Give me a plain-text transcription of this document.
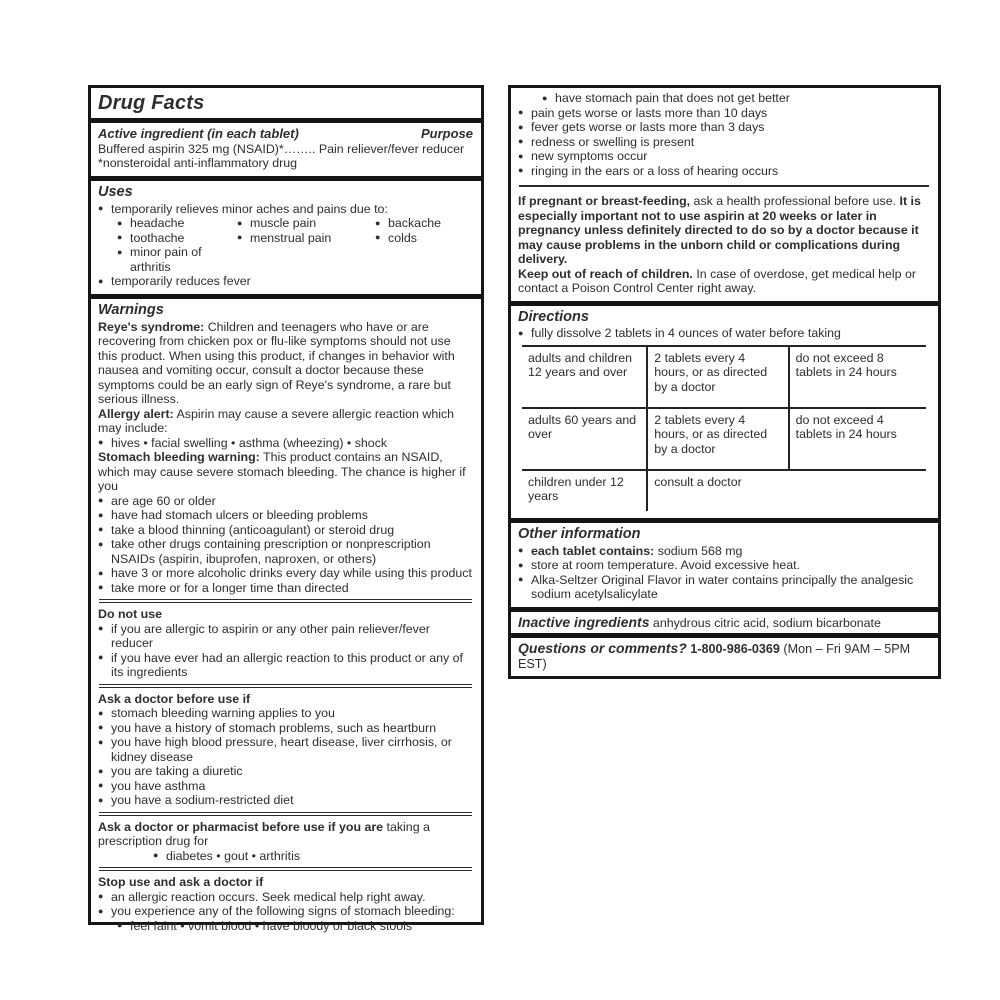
Drug Facts
Active ingredient (in each tablet)	Purpose

Buffered aspirin 325 mg (NSAID)*…….. Pain reliever/fever reducer

*nonsteroidal anti-inflammatory drug

Uses
● temporarily relieves minor aches and pains due to:
● headache	● muscle pain	● backache
● toothache	● menstrual pain	● colds
● minor pain of arthritis
● temporarily reduces fever
Warnings

Reye's syndrome: Children and teenagers who have or are recovering from chicken pox or flu-like symptoms should not use this product. When using this product, if changes in behavior with nausea and vomiting occur, consult a doctor because these symptoms could be an early sign of Reye's syndrome, a rare but serious illness.

Allergy alert: Aspirin may cause a severe allergic reaction which may include:

● hives • facial swelling • asthma (wheezing) • shock

Stomach bleeding warning: This product contains an NSAID, which may cause severe stomach bleeding. The chance is higher if you

● are age 60 or older
● have had stomach ulcers or bleeding problems
● take a blood thinning (anticoagulant) or steroid drug
● take other drugs containing prescription or nonprescription NSAIDs (aspirin, ibuprofen, naproxen, or others)
● have 3 or more alcoholic drinks every day while using this product
● take more or for a longer time than directed
Do not use
● if you are allergic to aspirin or any other pain reliever/fever reducer
● if you have ever had an allergic reaction to this product or any of its ingredients
Ask a doctor before use if
● stomach bleeding warning applies to you
● you have a history of stomach problems, such as heartburn
● you have high blood pressure, heart disease, liver cirrhosis, or kidney disease
● you are taking a diuretic
● you have asthma
● you have a sodium-restricted diet

Ask a doctor or pharmacist before use if you are taking a prescription drug for

● diabetes • gout • arthritis
Stop use and ask a doctor if
● an allergic reaction occurs. Seek medical help right away.
● you experience any of the following signs of stomach bleeding:
● feel faint • vomit blood • have bloody or black stools
● have stomach pain that does not get better
● pain gets worse or lasts more than 10 days
● fever gets worse or lasts more than 3 days
● redness or swelling is present
● new symptoms occur
● ringing in the ears or a loss of hearing occurs

If pregnant or breast-feeding, ask a health professional before use. It is especially important not to use aspirin at 20 weeks or later in pregnancy unless definitely directed to do so by a doctor because it may cause problems in the unborn child or complications during delivery.

Keep out of reach of children. In case of overdose, get medical help or contact a Poison Control Center right away.

Directions
● fully dissolve 2 tablets in 4 ounces of water before taking
adults and children 12 years and over	2 tablets every 4 hours, or as directed by a doctor	do not exceed 8 tablets in 24 hours
adults 60 years and over	2 tablets every 4 hours, or as directed by a doctor	do not exceed 4 tablets in 24 hours
children under 12 years	consult a doctor	
Other information
● each tablet contains: sodium 568 mg
● store at room temperature. Avoid excessive heat.
● Alka-Seltzer Original Flavor in water contains principally the analgesic sodium acetylsalicylate

Inactive ingredients anhydrous citric acid, sodium bicarbonate

Questions or comments? 1-800-986-0369 (Mon – Fri 9AM – 5PM EST)
